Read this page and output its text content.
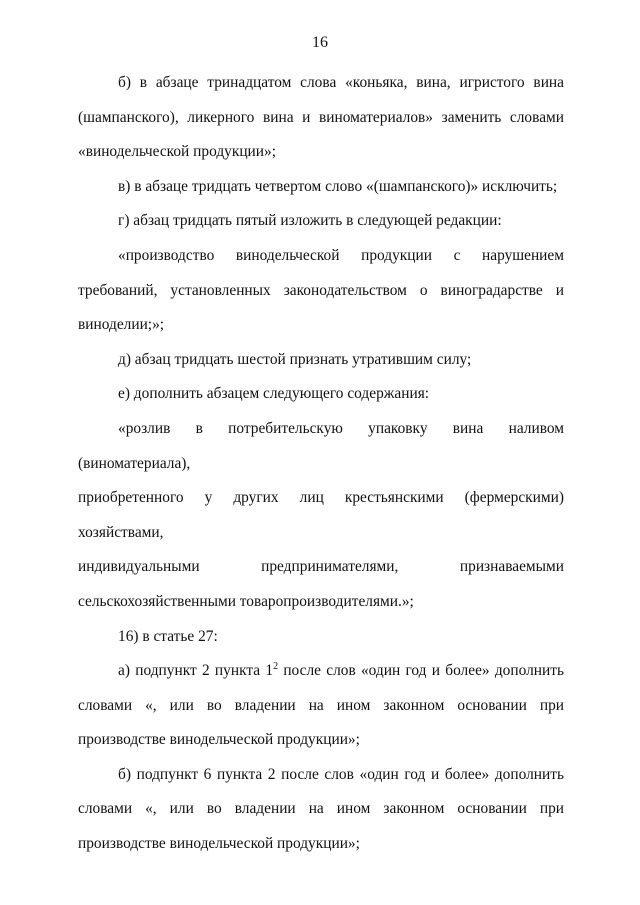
16
б) в абзаце тринадцатом слова «коньяка, вина, игристого вина
(шампанского), ликерного вина и виноматериалов» заменить словами
«винодельческой продукции»;
в) в абзаце тридцать четвертом слово «(шампанского)» исключить;
г) абзац тридцать пятый изложить в следующей редакции:
«производство винодельческой продукции с нарушением
требований, установленных законодательством о виноградарстве и
виноделии;»;
д) абзац тридцать шестой признать утратившим силу;
е) дополнить абзацем следующего содержания:
«розлив в потребительскую упаковку вина наливом (виноматериала),
приобретенного у других лиц крестьянскими (фермерскими) хозяйствами,
индивидуальными предпринимателями, признаваемыми
сельскохозяйственными товаропроизводителями.»;
16) в статье 27:
а) подпункт 2 пункта $1^2$ после слов «один год и более» дополнить
словами «, или во владении на ином законном основании при
производстве винодельческой продукции»;
б) подпункт 6 пункта 2 после слов «один год и более» дополнить
словами «, или во владении на ином законном основании при
производстве винодельческой продукции»;
